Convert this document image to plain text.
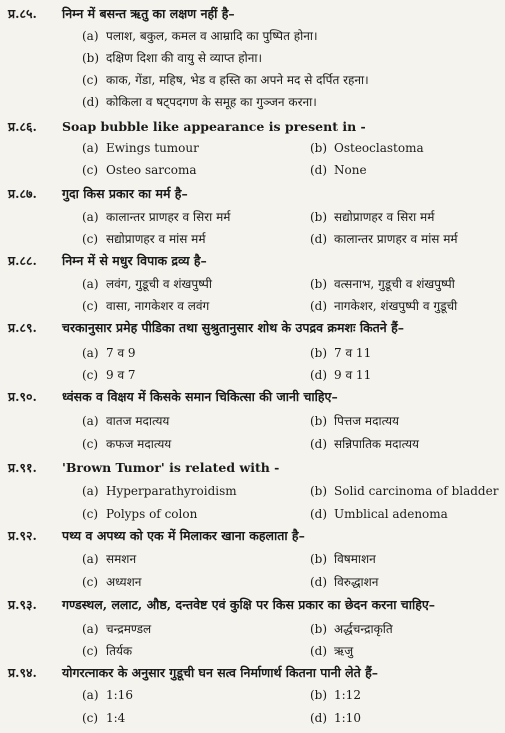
प्र.८५. निम्न में बसन्त ऋतु का लक्षण नहीं है–
(a) पलाश, बकुल, कमल व आम्रादि का पुष्पित होना।
(b) दक्षिण दिशा की वायु से व्याप्त होना।
(c) काक, गेंडा, महिष, भेड व हस्ति का अपने मद से दर्पित रहना।
(d) कोकिला व षट्पदगण के समूह का गुञ्जन करना।
प्र.८६. Soap bubble like appearance is present in -
(a) Ewings tumour	(b) Osteoclastoma
(c) Osteo sarcoma	(d) None
प्र.८७. गुदा किस प्रकार का मर्म है–
(a) कालान्तर प्राणहर व सिरा मर्म	(b) सद्योप्राणहर व सिरा मर्म
(c) सद्योप्राणहर व मांस मर्म	(d) कालान्तर प्राणहर व मांस मर्म
प्र.८८. निम्न में से मधुर विपाक द्रव्य है–
(a) लवंग, गुडूची व शंखपुष्पी	(b) वत्सनाभ, गुडूची व शंखपुष्पी
(c) वासा, नागकेशर व लवंग	(d) नागकेशर, शंखपुष्पी व गुडूची
प्र.८९. चरकानुसार प्रमेह पीडिका तथा सुश्रुतानुसार शोथ के उपद्रव क्रमशः कितने हैं–
(a) 7 व 9	(b) 7 व 11
(c) 9 व 7	(d) 9 व 11
प्र.९०. ध्वंसक व विक्षय में किसके समान चिकित्सा की जानी चाहिए–
(a) वातज मदात्यय	(b) पित्तज मदात्यय
(c) कफज मदात्यय	(d) सन्निपातिक मदात्यय
प्र.९१. 'Brown Tumor' is related with -
(a) Hyperparathyroidism	(b) Solid carcinoma of bladder
(c) Polyps of colon	(d) Umblical adenoma
प्र.९२. पथ्य व अपथ्य को एक में मिलाकर खाना कहलाता है–
(a) समशन	(b) विषमाशन
(c) अध्यशन	(d) विरुद्धाशन
प्र.९३. गण्डस्थल, ललाट, औष्ठ, दन्तवेष्ट एवं कुक्षि पर किस प्रकार का छेदन करना चाहिए–
(a) चन्द्रमण्डल	(b) अर्द्धचन्द्राकृति
(c) तिर्यक	(d) ऋजु
प्र.९४. योगरत्नाकर के अनुसार गुडूची घन सत्व निर्माणार्थ कितना पानी लेते हैं–
(a) 1:16	(b) 1:12
(c) 1:4	(d) 1:10
